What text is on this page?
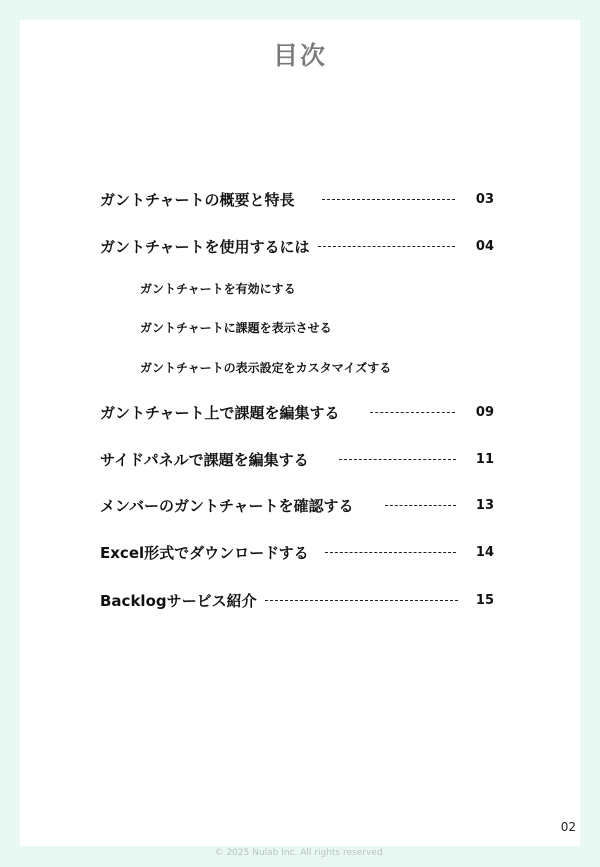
目次
ガントチャートの概要と特長	03
ガントチャートを使用するには	04
ガントチャートを有効にする
ガントチャートに課題を表示させる
ガントチャートの表示設定をカスタマイズする
ガントチャート上で課題を編集する	09
サイドパネルで課題を編集する	11
メンバーのガントチャートを確認する	13
Excel形式でダウンロードする	14
Backlogサービス紹介	15
02
© 2025 Nulab Inc. All rights reserved.
